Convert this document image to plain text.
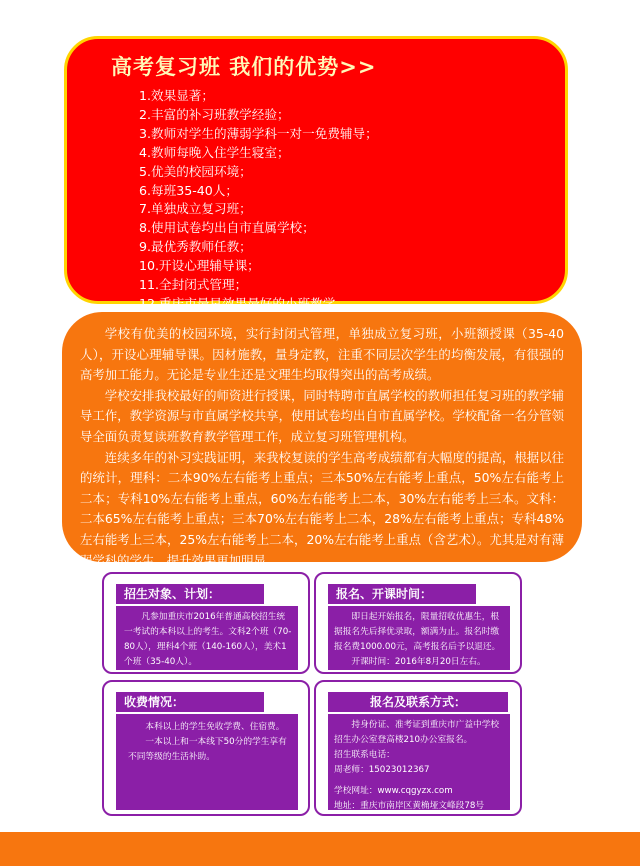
高考复习班 我们的优势>>
1.效果显著；
2.丰富的补习班教学经验；
3.教师对学生的薄弱学科一对一免费辅导；
4.教师每晚入住学生寝室；
5.优美的校园环境；
6.每班35-40人；
7.单独成立复习班；
8.使用试卷均出自市直属学校；
9.最优秀教师任教；
10.开设心理辅导课；
11.全封闭式管理；
12.重庆市最早效果最好的小班教学。

学校有优美的校园环境，实行封闭式管理，单独成立复习班，小班额授课（35-40人），开设心理辅导课。因材施教，量身定教，注重不同层次学生的均衡发展，有很强的高考加工能力。无论是专业生还是文理生均取得突出的高考成绩。

学校安排我校最好的师资进行授课，同时特聘市直属学校的教师担任复习班的教学辅导工作，教学资源与市直属学校共享，使用试卷均出自市直属学校。学校配备一名分管领导全面负责复读班教育教学管理工作，成立复习班管理机构。

连续多年的补习实践证明，来我校复读的学生高考成绩都有大幅度的提高，根据以往的统计，理科：二本90%左右能考上重点；三本50%左右能考上重点，50%左右能考上二本；专科10%左右能考上重点，60%左右能考上二本，30%左右能考上三本。文科：二本65%左右能考上重点；三本70%左右能考上二本，28%左右能考上重点；专科48%左右能考上三本，25%左右能考上二本，20%左右能考上重点（含艺术）。尤其是对有薄弱学科的学生，提升效果更加明显。

招生对象、计划：

凡参加重庆市2016年普通高校招生统一考试的本科以上的考生。文科2个班（70-80人），理科4个班（140-160人），美术1个班（35-40人）。

报名、开课时间：

即日起开始报名，限量招收优惠生，根据报名先后择优录取，额满为止。报名时缴报名费1000.00元，高考报名后予以退还。

开课时间：2016年8月20日左右。

收费情况：

本科以上的学生免收学费、住宿费。

一本以上和一本线下50分的学生享有不同等级的生活补助。

报名及联系方式：

持身份证、准考证到重庆市广益中学校招生办公室登高楼210办公室报名。

招生联系电话：

周老师：15023012367

学校网址：www.cqgyzx.com

地址：重庆市南岸区黄桷垭文峰段78号
